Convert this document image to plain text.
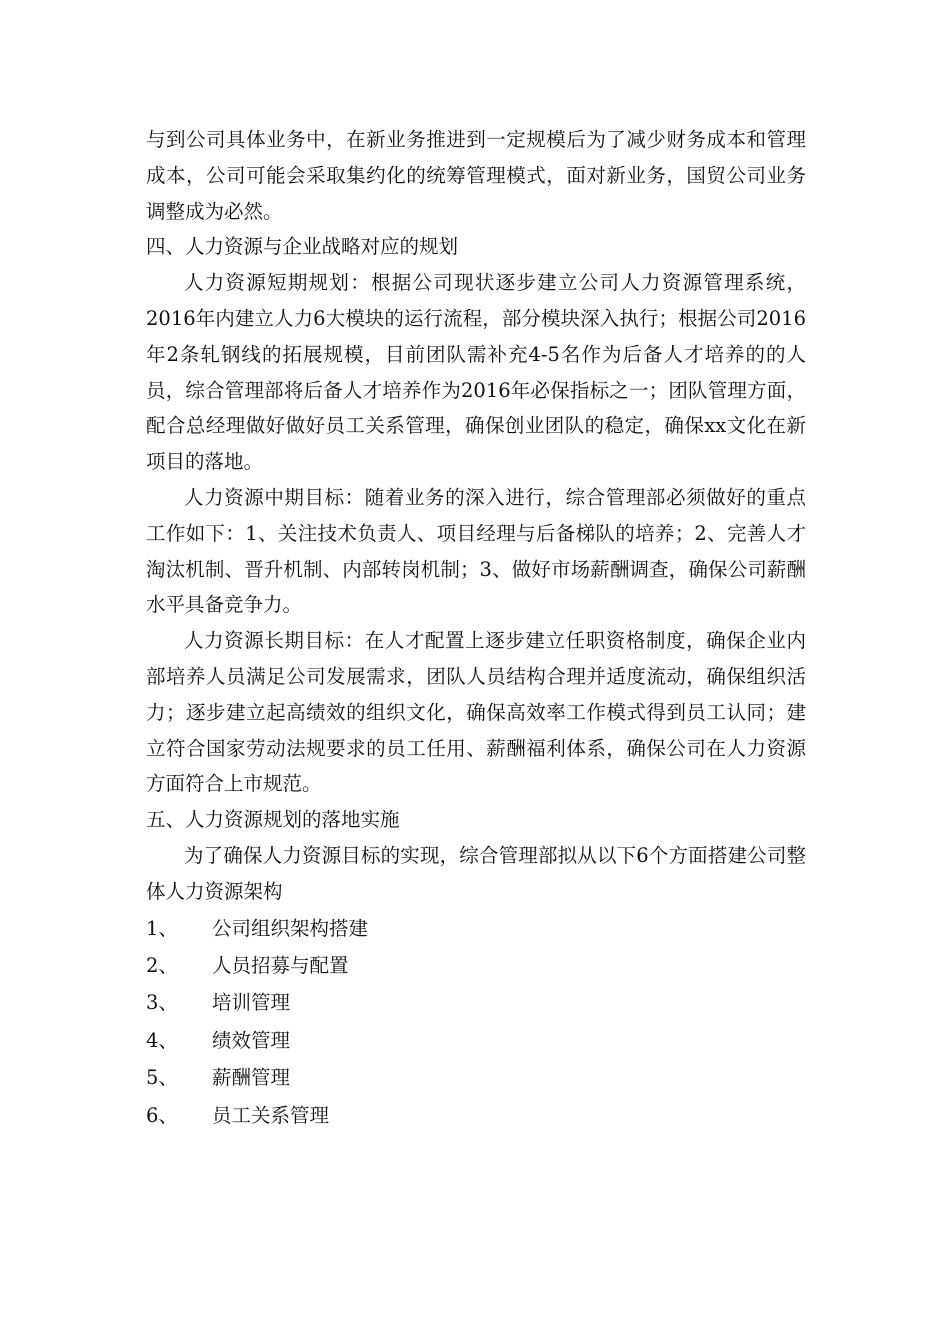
与到公司具体业务中，在新业务推进到一定规模后为了减少财务成本和管理成本，公司可能会采取集约化的统筹管理模式，面对新业务，国贸公司业务调整成为必然。

四、人力资源与企业战略对应的规划

人力资源短期规划：根据公司现状逐步建立公司人力资源管理系统，2016年内建立人力6大模块的运行流程，部分模块深入执行；根据公司2016年2条轧钢线的拓展规模，目前团队需补充4-5名作为后备人才培养的的人员，综合管理部将后备人才培养作为2016年必保指标之一；团队管理方面，配合总经理做好做好员工关系管理，确保创业团队的稳定，确保xx文化在新项目的落地。

人力资源中期目标：随着业务的深入进行，综合管理部必须做好的重点工作如下：1、关注技术负责人、项目经理与后备梯队的培养；2、完善人才淘汰机制、晋升机制、内部转岗机制；3、做好市场薪酬调查，确保公司薪酬水平具备竞争力。

人力资源长期目标：在人才配置上逐步建立任职资格制度，确保企业内部培养人员满足公司发展需求，团队人员结构合理并适度流动，确保组织活力；逐步建立起高绩效的组织文化，确保高效率工作模式得到员工认同；建立符合国家劳动法规要求的员工任用、薪酬福利体系，确保公司在人力资源方面符合上市规范。

五、人力资源规划的落地实施

为了确保人力资源目标的实现，综合管理部拟从以下6个方面搭建公司整体人力资源架构

1、	公司组织架构搭建
2、	人员招募与配置
3、	培训管理
4、	绩效管理
5、	薪酬管理
6、	员工关系管理
